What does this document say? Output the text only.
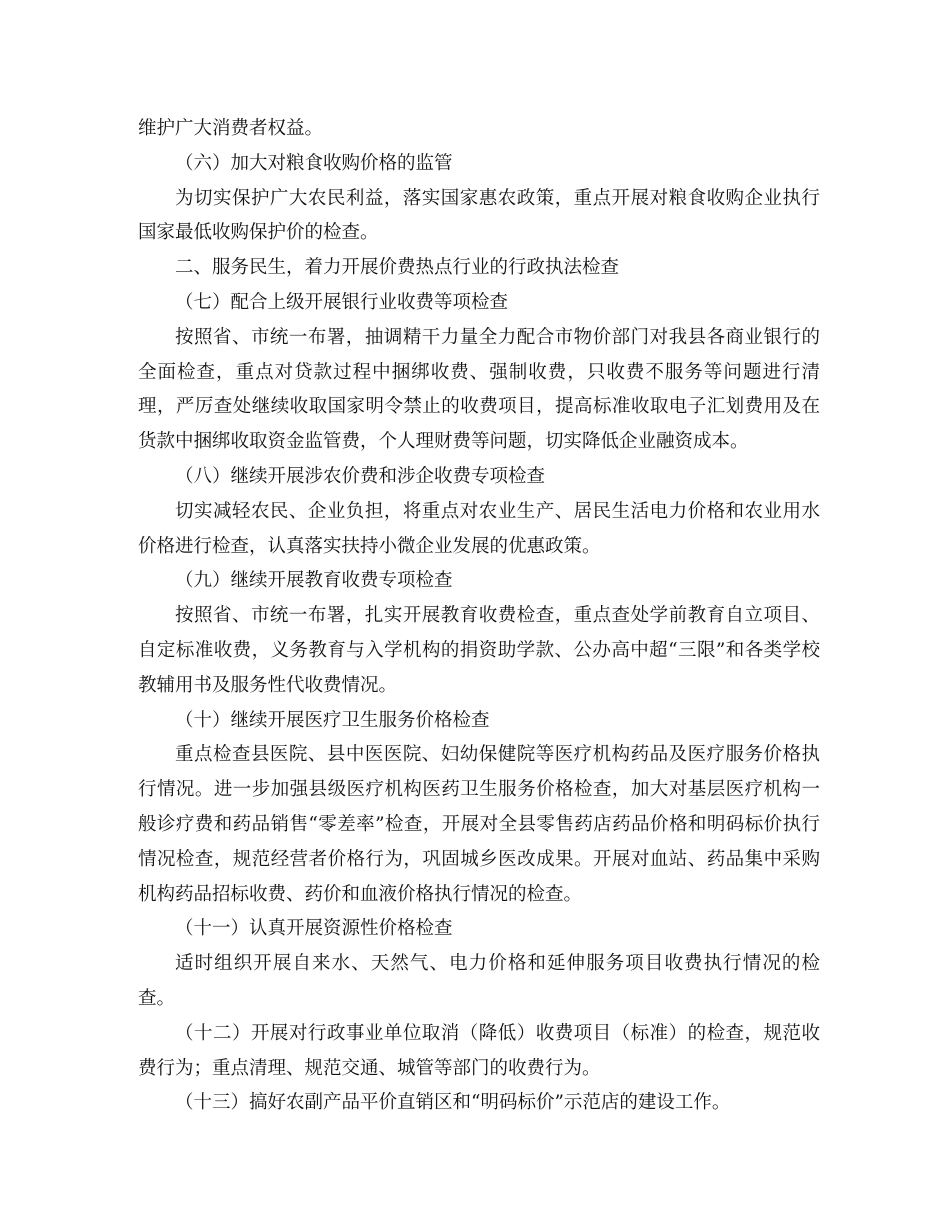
维护广大消费者权益。

（六）加大对粮食收购价格的监管

为切实保护广大农民利益，落实国家惠农政策，重点开展对粮食收购企业执行国家最低收购保护价的检查。

二、服务民生，着力开展价费热点行业的行政执法检查

（七）配合上级开展银行业收费等项检查

按照省、市统一布署，抽调精干力量全力配合市物价部门对我县各商业银行的全面检查，重点对贷款过程中捆绑收费、强制收费，只收费不服务等问题进行清理，严厉查处继续收取国家明令禁止的收费项目，提高标准收取电子汇划费用及在货款中捆绑收取资金监管费，个人理财费等问题，切实降低企业融资成本。

（八）继续开展涉农价费和涉企收费专项检查

切实减轻农民、企业负担，将重点对农业生产、居民生活电力价格和农业用水价格进行检查，认真落实扶持小微企业发展的优惠政策。

（九）继续开展教育收费专项检查

按照省、市统一布署，扎实开展教育收费检查，重点查处学前教育自立项目、自定标准收费，义务教育与入学机构的捐资助学款、公办高中超“三限”和各类学校教辅用书及服务性代收费情况。

（十）继续开展医疗卫生服务价格检查

重点检查县医院、县中医医院、妇幼保健院等医疗机构药品及医疗服务价格执行情况。进一步加强县级医疗机构医药卫生服务价格检查，加大对基层医疗机构一般诊疗费和药品销售“零差率”检查，开展对全县零售药店药品价格和明码标价执行情况检查，规范经营者价格行为，巩固城乡医改成果。开展对血站、药品集中采购机构药品招标收费、药价和血液价格执行情况的检查。

（十一）认真开展资源性价格检查

适时组织开展自来水、天然气、电力价格和延伸服务项目收费执行情况的检查。

（十二）开展对行政事业单位取消（降低）收费项目（标准）的检查，规范收费行为；重点清理、规范交通、城管等部门的收费行为。

（十三）搞好农副产品平价直销区和“明码标价”示范店的建设工作。
